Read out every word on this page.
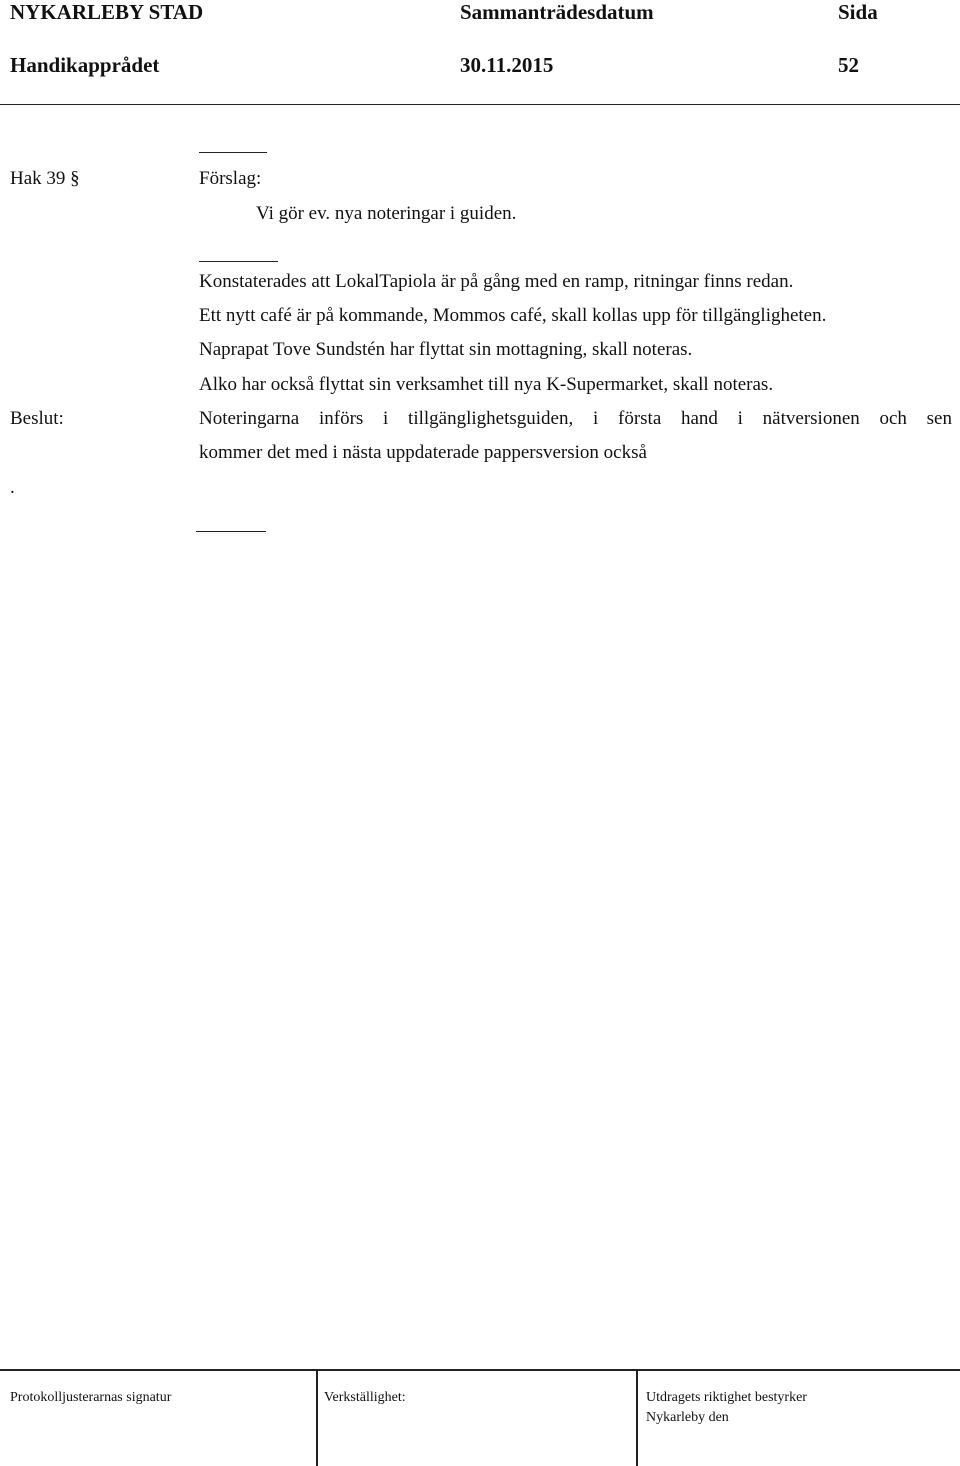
NYKARLEBY STAD	Sammanträdesdatum	Sida
Handikapprådet	30.11.2015	52
Hak 39 §	Förslag:
Vi gör ev. nya noteringar i guiden.
Konstaterades att LokalTapiola är på gång med en ramp, ritningar finns redan.
Ett nytt café är på kommande, Mommos café, skall kollas upp för tillgängligheten.
Naprapat Tove Sundstén har flyttat sin mottagning, skall noteras.
Alko har också flyttat sin verksamhet till nya K-Supermarket, skall noteras.
Beslut:	Noteringarna införs i tillgänglighetsguiden, i första hand i nätversionen och sen
kommer det med i nästa uppdaterade pappersversion också
.
Protokolljusterarnas signatur	Verkställighet:	Utdragets riktighet bestyrker
Nykarleby den
